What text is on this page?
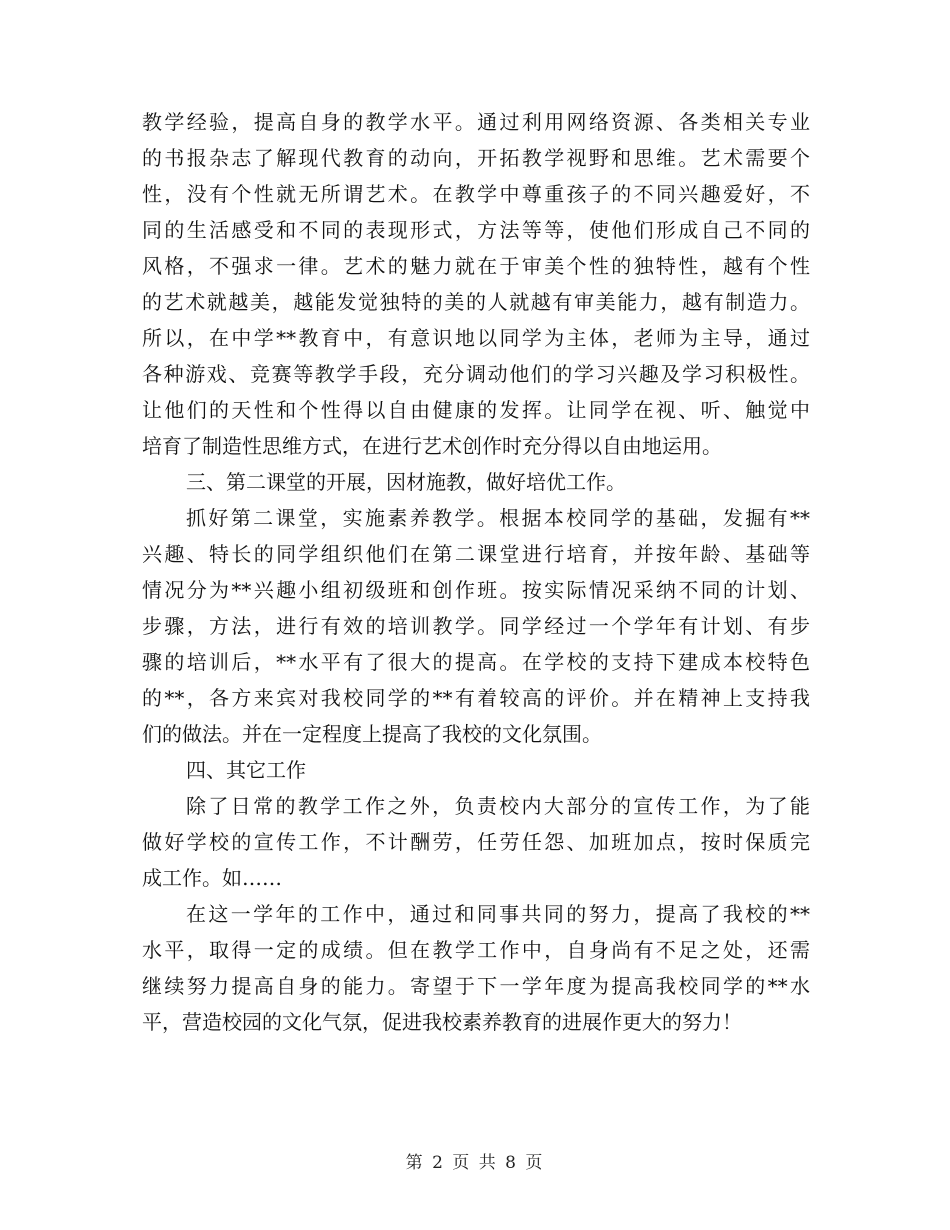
教学经验，提高自身的教学水平。通过利用网络资源、各类相关专业
的书报杂志了解现代教育的动向，开拓教学视野和思维。艺术需要个
性，没有个性就无所谓艺术。在教学中尊重孩子的不同兴趣爱好，不
同的生活感受和不同的表现形式，方法等等，使他们形成自己不同的
风格，不强求一律。艺术的魅力就在于审美个性的独特性，越有个性
的艺术就越美，越能发觉独特的美的人就越有审美能力，越有制造力。
所以，在中学**教育中，有意识地以同学为主体，老师为主导，通过
各种游戏、竞赛等教学手段，充分调动他们的学习兴趣及学习积极性。
让他们的天性和个性得以自由健康的发挥。让同学在视、听、触觉中
培育了制造性思维方式，在进行艺术创作时充分得以自由地运用。
三、第二课堂的开展，因材施教，做好培优工作。
抓好第二课堂，实施素养教学。根据本校同学的基础，发掘有**
兴趣、特长的同学组织他们在第二课堂进行培育，并按年龄、基础等
情况分为**兴趣小组初级班和创作班。按实际情况采纳不同的计划、
步骤，方法，进行有效的培训教学。同学经过一个学年有计划、有步
骤的培训后，**水平有了很大的提高。在学校的支持下建成本校特色
的**，各方来宾对我校同学的**有着较高的评价。并在精神上支持我
们的做法。并在一定程度上提高了我校的文化氛围。
四、其它工作
除了日常的教学工作之外，负责校内大部分的宣传工作，为了能
做好学校的宣传工作，不计酬劳，任劳任怨、加班加点，按时保质完
成工作。如……
在这一学年的工作中，通过和同事共同的努力，提高了我校的**
水平，取得一定的成绩。但在教学工作中，自身尚有不足之处，还需
继续努力提高自身的能力。寄望于下一学年度为提高我校同学的**水
平，营造校园的文化气氛，促进我校素养教育的进展作更大的努力！
第 2 页 共 8 页
